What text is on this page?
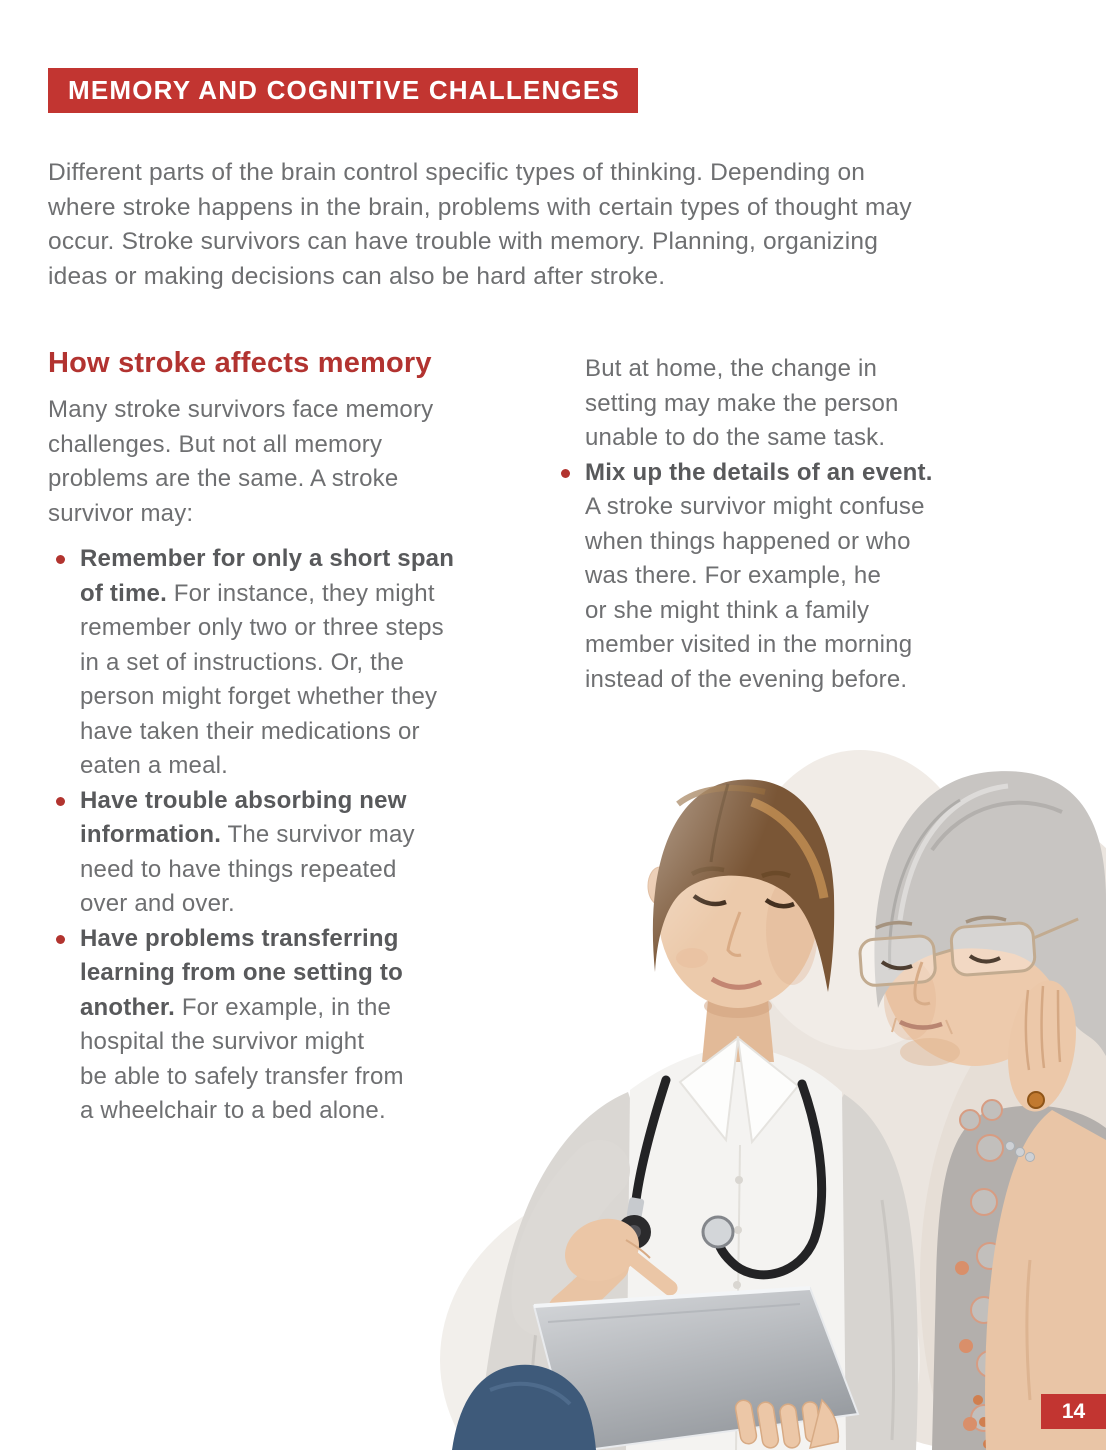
MEMORY AND COGNITIVE CHALLENGES
Different parts of the brain control specific types of thinking. Depending on
where stroke happens in the brain, problems with certain types of thought may
occur. Stroke survivors can have trouble with memory. Planning, organizing
ideas or making decisions can also be hard after stroke.
How stroke affects memory
Many stroke survivors face memory
challenges. But not all memory
problems are the same. A stroke
survivor may:
Remember for only a short span
of time. For instance, they might
remember only two or three steps
in a set of instructions. Or, the
person might forget whether they
have taken their medications or
eaten a meal.
Have trouble absorbing new
information. The survivor may
need to have things repeated
over and over.
Have problems transferring
learning from one setting to
another. For example, in the
hospital the survivor might
be able to safely transfer from
a wheelchair to a bed alone.
But at home, the change in
setting may make the person
unable to do the same task.
Mix up the details of an event.
A stroke survivor might confuse
when things happened or who
was there. For example, he
or she might think a family
member visited in the morning
instead of the evening before.
14
